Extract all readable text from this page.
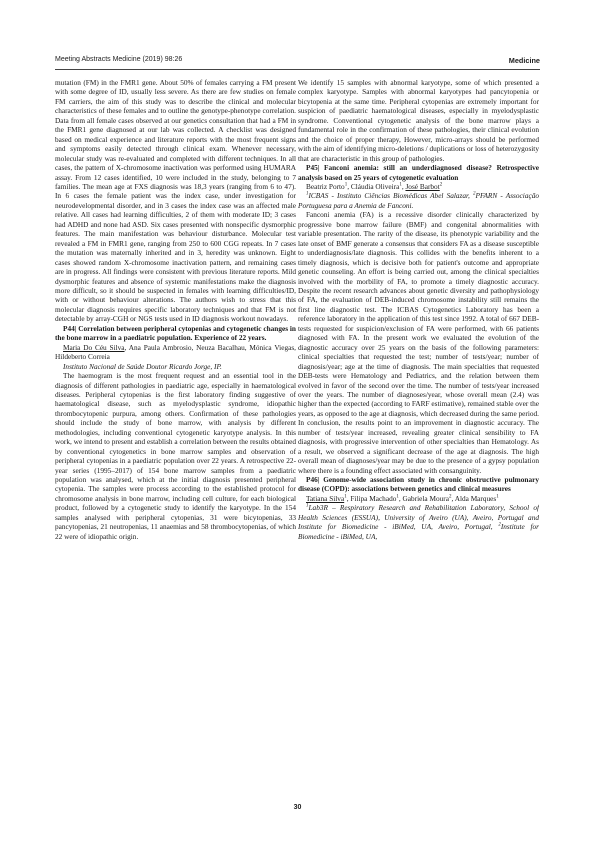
Meeting Abstracts Medicine (2019) 98:26	Medicine

mutation (FM) in the FMR1 gene. About 50% of females carrying a FM present with some degree of ID, usually less severe. As there are few studies on female FM carriers, the aim of this study was to describe the clinical and molecular characteristics of these females and to outline the genotype-phenotype correlation. Data from all female cases observed at our genetics consultation that had a FM in the FMR1 gene diagnosed at our lab was collected. A checklist was designed based on medical experience and literature reports with the most frequent signs and symptoms easily detected through clinical exam. Whenever necessary, molecular study was re-evaluated and completed with different techniques. In all cases, the pattern of X-chromosome inactivation was performed using HUMARA assay. From 12 cases identified, 10 were included in the study, belonging to 7 families. The mean age at FXS diagnosis was 18,3 years (ranging from 6 to 47). In 6 cases the female patient was the index case, under investigation for neurodevelopmental disorder, and in 3 cases the index case was an affected male relative. All cases had learning difficulties, 2 of them with moderate ID; 3 cases had ADHD and none had ASD. Six cases presented with nonspecific dysmorphic features. The main manifestation was behaviour disturbance. Molecular test revealed a FM in FMR1 gene, ranging from 250 to 600 CGG repeats. In 7 cases the mutation was maternally inherited and in 3, heredity was unknown. Eight cases showed random X-chromosome inactivation pattern, and remaining cases are in progress. All findings were consistent with previous literature reports. Mild dysmorphic features and absence of systemic manifestations make the diagnosis more difficult, so it should be suspected in females with learning difficulties/ID, with or without behaviour alterations. The authors wish to stress that this molecular diagnosis requires specific laboratory techniques and that FM is not detectable by array-CGH or NGS tests used in ID diagnosis workout nowadays.

P44| Correlation between peripheral cytopenias and cytogenetic changes in the bone marrow in a paediatric population. Experience of 22 years.

Maria Do Céu Silva, Ana Paula Ambrosio, Neuza Bacalhau, Mónica Viegas, Hildeberto Correia

Instituto Nacional de Saúde Doutor Ricardo Jorge, IP.

The haemogram is the most frequent request and an essential tool in the diagnosis of different pathologies in paediatric age, especially in haematological diseases. Peripheral cytopenias is the first laboratory finding suggestive of haematological disease, such as myelodysplastic syndrome, idiopathic thrombocytopenic purpura, among others. Confirmation of these pathologies should include the study of bone marrow, with analysis by different methodologies, including conventional cytogenetic karyotype analysis. In this work, we intend to present and establish a correlation between the results obtained by conventional cytogenetics in bone marrow samples and observation of peripheral cytopenias in a paediatric population over 22 years. A retrospective 22-year series (1995–2017) of 154 bone marrow samples from a paediatric population was analysed, which at the initial diagnosis presented peripheral cytopenia. The samples were process according to the established protocol for chromosome analysis in bone marrow, including cell culture, for each biological product, followed by a cytogenetic study to identify the karyotype. In the 154 samples analysed with peripheral cytopenias, 31 were bicytopenias, 33 pancytopenias, 21 neutropenias, 11 anaemias and 58 thrombocytopenias, of which 22 were of idiopathic origin.

We identify 15 samples with abnormal karyotype, some of which presented a complex karyotype. Samples with abnormal karyotypes had pancytopenia or bicytopenia at the same time. Peripheral cytopenias are extremely important for suspicion of paediatric haematological diseases, especially in myelodysplastic syndrome. Conventional cytogenetic analysis of the bone marrow plays a fundamental role in the confirmation of these pathologies, their clinical evolution and the choice of proper therapy, However, micro-arrays should be performed with the aim of identifying micro-deletions / duplications or loss of heterozygosity that are characteristic in this group of pathologies.

P45| Fanconi anemia: still an underdiagnosed disease? Retrospective analysis based on 25 years of cytogenetic evaluation

Beatriz Porto$^1$, Cláudia Oliveira$^1$, José Barbot$^2$

$^1$ICBAS - Instituto Ciências Biomédicas Abel Salazar, $^2$PFARN - Associação Portuguesa para a Anemia de Fanconi.

Fanconi anemia (FA) is a recessive disorder clinically characterized by progressive bone marrow failure (BMF) and congenital abnormalities with variable presentation. The rarity of the disease, its phenotypic variability and the late onset of BMF generate a consensus that considers FA as a disease susceptible to underdiagnosis/late diagnosis. This collides with the benefits inherent to a timely diagnosis, which is decisive both for patient's outcome and appropriate genetic counseling. An effort is being carried out, among the clinical specialties involved with the morbility of FA, to promote a timely diagnostic accuracy. Despite the recent research advances about genetic diversity and pathophysiology of FA, the evaluation of DEB-induced chromosome instability still remains the first line diagnostic test. The ICBAS Cytogenetics Laboratory has been a reference laboratory in the application of this test since 1992. A total of 667 DEB-tests requested for suspicion/exclusion of FA were performed, with 66 patients diagnosed with FA. In the present work we evaluated the evolution of the diagnostic accuracy over 25 years on the basis of the following parameters: clinical specialties that requested the test; number of tests/year; number of diagnosis/year; age at the time of diagnosis. The main specialties that requested DEB-tests were Hematology and Pediatrics, and the relation between them evolved in favor of the second over the time. The number of tests/year increased over the years. The number of diagnoses/year, whose overall mean (2.4) was higher than the expected (according to FARF estimative), remained stable over the years, as opposed to the age at diagnosis, which decreased during the same period. In conclusion, the results point to an improvement in diagnostic accuracy. The number of tests/year increased, revealing greater clinical sensibility to FA diagnosis, with progressive intervention of other specialties than Hematology. As a result, we observed a significant decrease of the age at diagnosis. The high overall mean of diagnoses/year may be due to the presence of a gypsy population where there is a founding effect associated with consanguinity.

P46| Genome-wide association study in chronic obstructive pulmonary disease (COPD): associations between genetics and clinical measures

Tatiana Silva$^1$, Filipa Machado$^1$, Gabriela Moura$^2$, Alda Marques$^1$

$^1$Lab3R – Respiratory Research and Rehabilitation Laboratory, School of Health Sciences (ESSUA), University of Aveiro (UA), Aveiro, Portugal and Institute for Biomedicine - iBiMed, UA, Aveiro, Portugal, $^2$Institute for Biomedicine - iBiMed, UA,

30
